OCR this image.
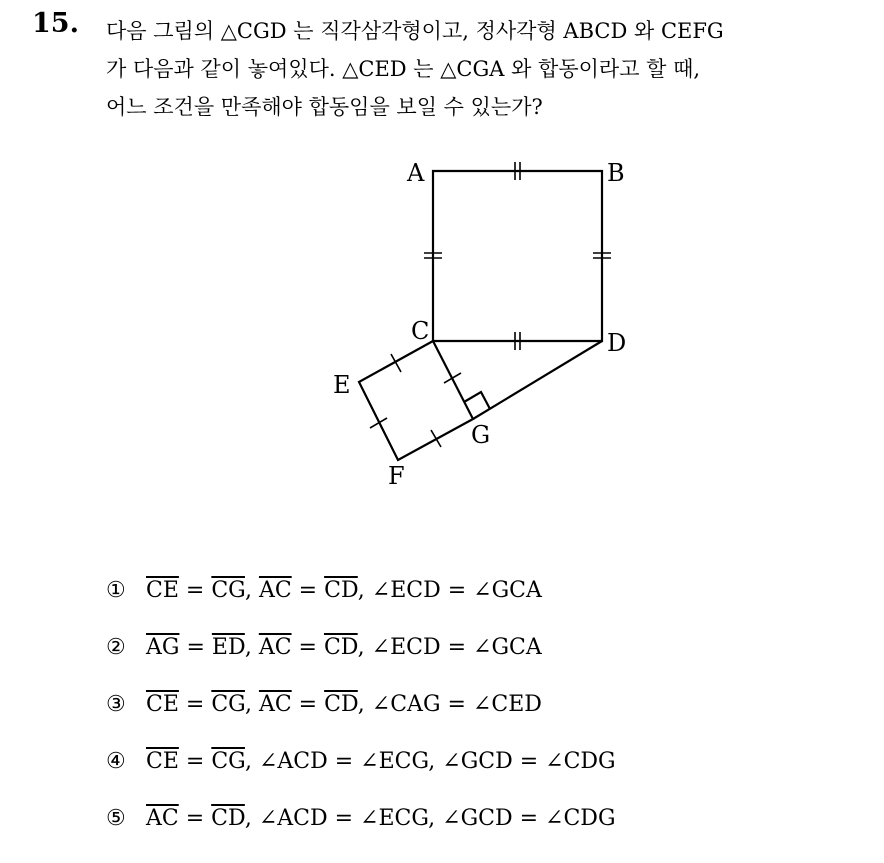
15. 다음 그림의 △CGD 는 직각삼각형이고, 정사각형 ABCD 와 CEFG
가 다음과 같이 놓여있다. △CED 는 △CGA 와 합동이라고 할 때,
어느 조건을 만족해야 합동임을 보일 수 있는가?
A	B
C	D
E
F
G
① $\overline{CE} = \overline{CG}$, $\overline{AC} = \overline{CD}$, ∠ECD = ∠GCA
② $\overline{AG} = \overline{ED}$, $\overline{AC} = \overline{CD}$, ∠ECD = ∠GCA
③ $\overline{CE} = \overline{CG}$, $\overline{AC} = \overline{CD}$, ∠CAG = ∠CED
④ $\overline{CE} = \overline{CG}$, ∠ACD = ∠ECG, ∠GCD = ∠CDG
⑤ $\overline{AC} = \overline{CD}$, ∠ACD = ∠ECG, ∠GCD = ∠CDG
